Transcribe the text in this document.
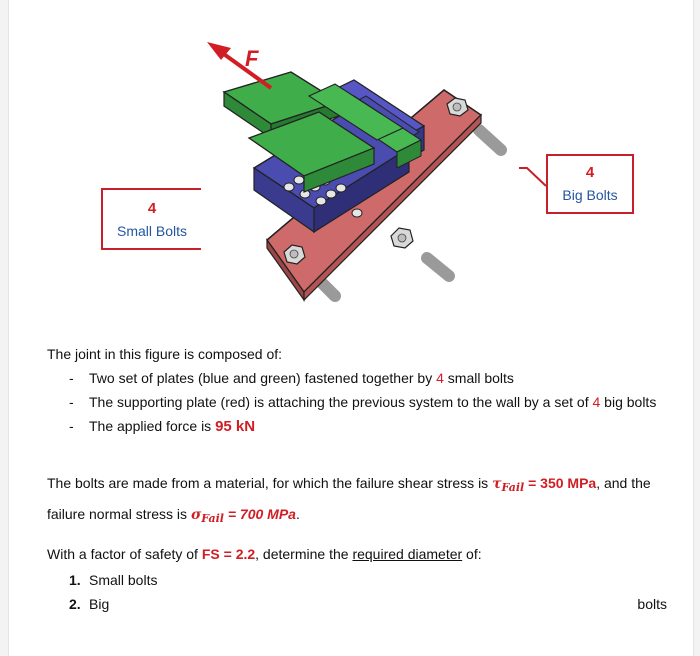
F
4
Small Bolts
4
Big Bolts
The joint in this figure is composed of:
- Two set of plates (blue and green) fastened together by 4 small bolts
- The supporting plate (red) is attaching the previous system to the wall by a set of 4 big bolts
- The applied force is 95 kN
The bolts are made from a material, for which the failure shear stress is $\tau_{Fail} = 350$ MPa, and the
failure normal stress is $\sigma_{Fail} = 700$ MPa.
With a factor of safety of FS = 2.2, determine the required diameter of:
1. Small bolts
2. Big	bolts
